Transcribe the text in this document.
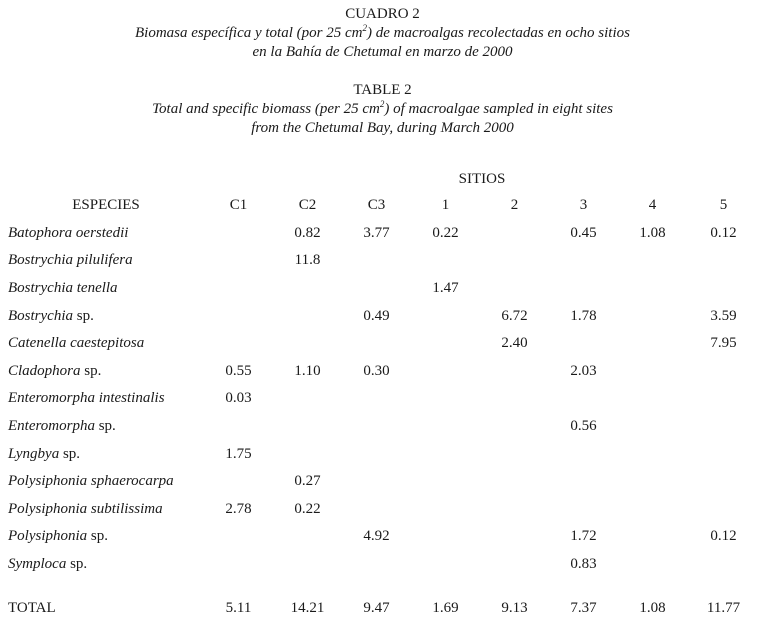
CUADRO 2
Biomasa específica y total (por 25 $cm^2$) de macroalgas recolectadas en ocho sitios
en la Bahía de Chetumal en marzo de 2000
TABLE 2
Total and specific biomass (per 25 $cm^2$) of macroalgae sampled in eight sites
from the Chetumal Bay, during March 2000
	SITIOS							
ESPECIES	C1	C2	C3	1	2	3	4	5
Batophora oerstedii		0.82	3.77	0.22		0.45	1.08	0.12
Bostrychia pilulifera		11.8						
Bostrychia tenella				1.47				
Bostrychia sp.			0.49		6.72	1.78		3.59
Catenella caestepitosa					2.40			7.95
Cladophora sp.	0.55	1.10	0.30			2.03		
Enteromorpha intestinalis	0.03							
Enteromorpha sp.						0.56		
Lyngbya sp.	1.75							
Polysiphonia sphaerocarpa		0.27						
Polysiphonia subtilissima	2.78	0.22						
Polysiphonia sp.			4.92			1.72		0.12
Symploca sp.						0.83		
TOTAL	5.11	14.21	9.47	1.69	9.13	7.37	1.08	11.77
